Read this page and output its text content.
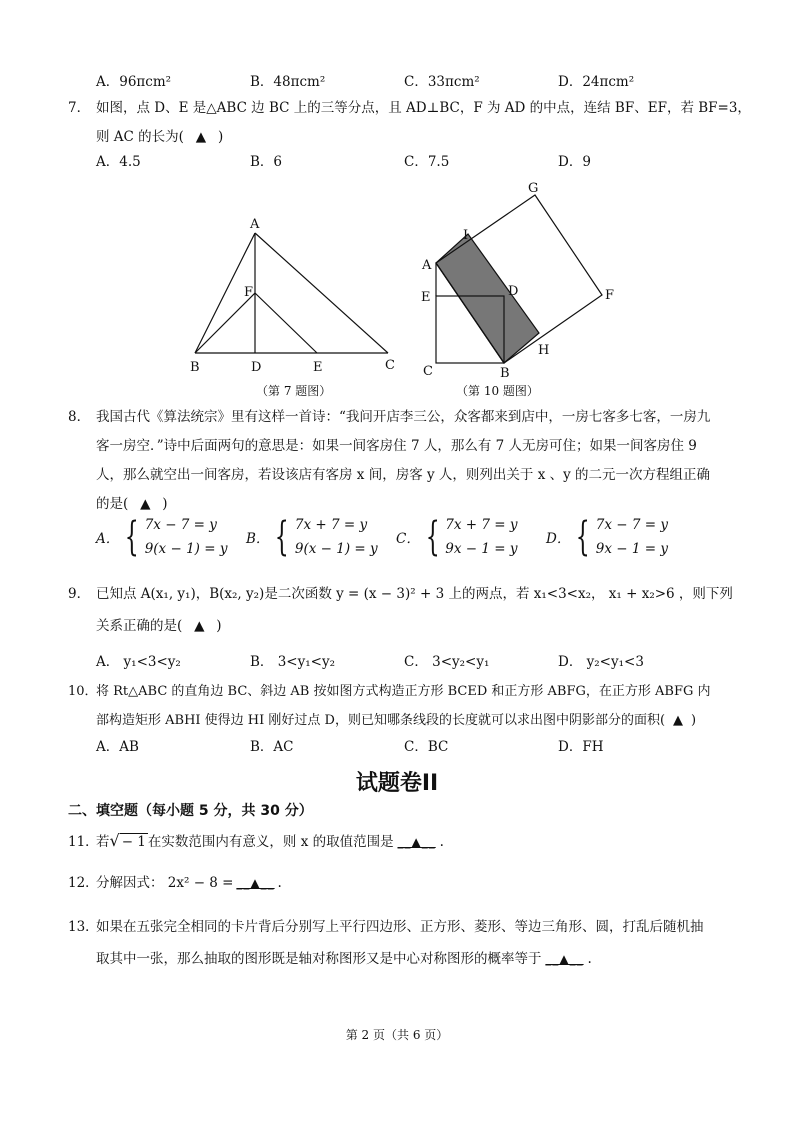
A．96πcm²	B．48πcm²	C．33πcm²	D．24πcm²
7． 如图，点 D、E 是△ABC 边 BC 上的三等分点，且 AD⊥BC，F 为 AD 的中点，连结 BF、EF，若 BF=3，
则 AC 的长为( ▲ )
A．4.5	B．6	C．7.5	D．9
A
F
B	D	E	C
（第 7 题图）
G
I
A
E	D	F
H
C	B
（第 10 题图）
8． 我国古代《算法统宗》里有这样一首诗：“我问开店李三公，众客都来到店中，一房七客多七客，一房九
客一房空．”诗中后面两句的意思是：如果一间客房住 7 人，那么有 7 人无房可住；如果一间客房住 9
人，那么就空出一间客房，若设该店有客房 x 间，房客 y 人，则列出关于 x 、y 的二元一次方程组正确
的是( ▲ )
A． { 7x − 7 = y
9(x − 1) = y
B． { 7x + 7 = y
9(x − 1) = y
C． { 7x + 7 = y
9x − 1 = y
D． { 7x − 7 = y
9x − 1 = y
9． 已知点 A(x₁, y₁)，B(x₂, y₂)是二次函数 y = (x − 3)² + 3 上的两点，若 x₁<3<x₂， x₁ + x₂>6 ，则下列
关系正确的是( ▲ )
A． y₁<3<y₂	B． 3<y₁<y₂	C． 3<y₂<y₁	D． y₂<y₁<3
10．将 Rt△ABC 的直角边 BC、斜边 AB 按如图方式构造正方形 BCED 和正方形 ABFG，在正方形 ABFG 内
部构造矩形 ABHI 使得边 HI 刚好过点 D，则已知哪条线段的长度就可以求出图中阴影部分的面积( ▲ )
A．AB	B．AC	C．BC	D．FH
试题卷II
二、填空题（每小题 5 分，共 30 分）
11．若√ − 1 在实数范围内有意义，则 x 的取值范围是 __▲__ .
12．分解因式： 2x² − 8 = __▲__ .
13．如果在五张完全相同的卡片背后分别写上平行四边形、正方形、菱形、等边三角形、圆，打乱后随机抽
取其中一张，那么抽取的图形既是轴对称图形又是中心对称图形的概率等于 __▲__ .
第 2 页（共 6 页）
